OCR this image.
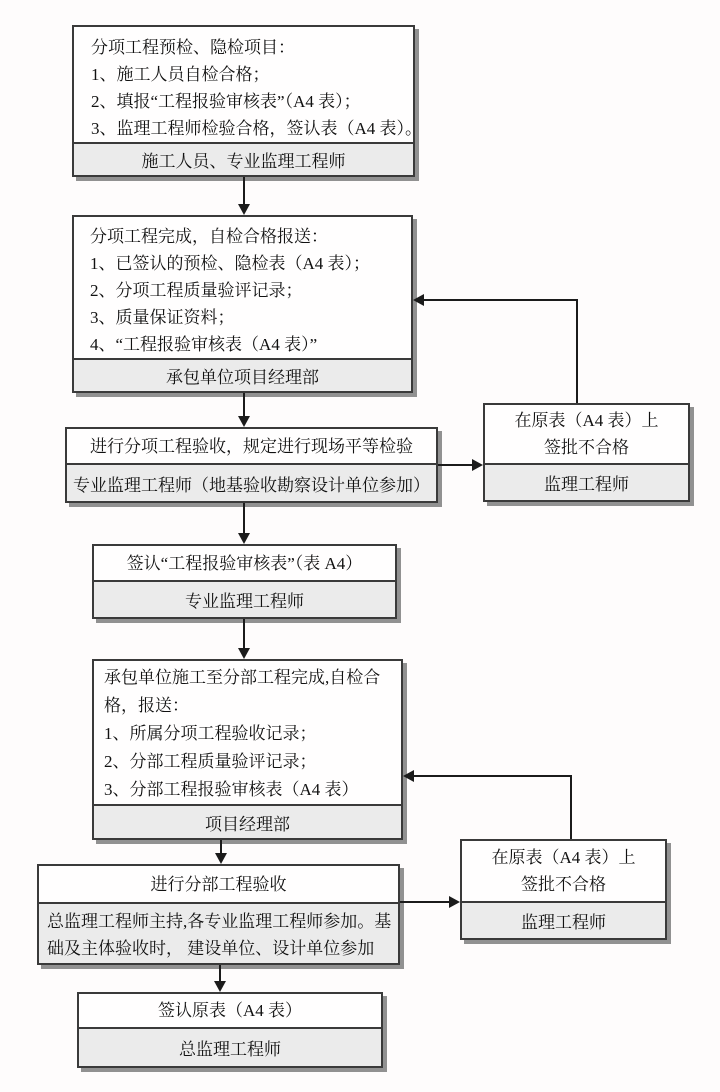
分项工程预检、隐检项目：
1、施工人员自检合格；
2、填报“工程报验审核表”（A4 表）；
3、监理工程师检验合格，签认表（A4 表）。
施工人员、专业监理工程师
分项工程完成，自检合格报送：
1、已签认的预检、隐检表（A4 表）；
2、分项工程质量验评记录；
3、质量保证资料；
4、“工程报验审核表（A4 表）”
承包单位项目经理部
进行分项工程验收，规定进行现场平等检验
专业监理工程师（地基验收勘察设计单位参加）
在原表（A4 表）上
签批不合格
监理工程师
签认“工程报验审核表”（表 A4）
专业监理工程师
承包单位施工至分部工程完成,自检合
格，报送：
1、所属分项工程验收记录；
2、分部工程质量验评记录；
3、分部工程报验审核表（A4 表）
项目经理部
进行分部工程验收
总监理工程师主持,各专业监理工程师参加。基础及主体验收时， 建设单位、设计单位参加
在原表（A4 表）上
签批不合格
监理工程师
签认原表（A4 表）
总监理工程师
